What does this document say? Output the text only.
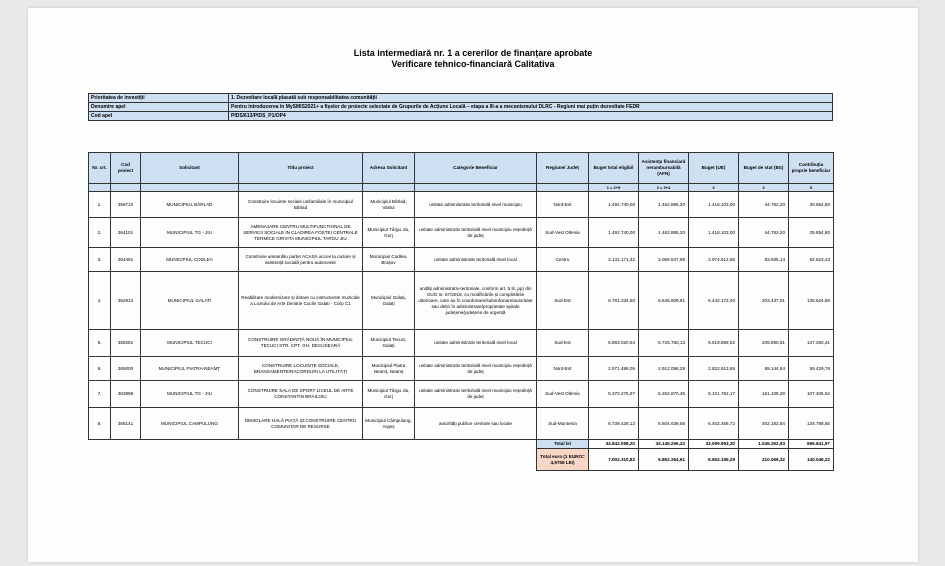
Lista intermediară nr. 1 a cererilor de finanțare aprobate
Verificare tehnico-financiară Calitativa
Prioritatea de investiții	1. Dezvoltare locală plasată sub responsabilitatea comunității
Denumire apel	Pentru introducerea în MySMIS2021+ a fișelor de proiecte selectate de Grupurile de Acțiune Locală – etapa a III-a a mecanismului DLRC - Regiuni mai puțin dezvoltate FEDR
Cod apel	PIDS/613/PIDS_P1/OP4
Nr. crt.	Cod proiect	Solicitant	Titlu proiect	Adresa Solicitant	Categorie Beneficiar	Regiune/ Județ	Buget total eligibil	Asistența financiară nerambursabilă (AFN)	Buget (UE)	Buget de stat (BS)	Contribuția proprie beneficiar
							1 = 2+5	2 = 3+4	3	4	5
1.	358710	MUNICIPIUL BÂRLAD	Construire locuinte sociale unifamiliale în municipiul Bârlad	Municipiul Bârlad, Vaslui	unitate administrativ teritorială nivel municipiu	Nord-Est	1.492.740,00	1.462.885,20	1.418.103,00	44.782,20	29.854,80
2.	364101	MUNICIPIUL TG - JIU	AMENAJARE CENTRU MULTIFUNCTIONAL DE SERVICII SOCIALE IN CLADIREA FOSTEI CENTRALE TERMICE GRIVITA MUNICIPIUL TARGU JIU	Municipiul Târgu Jiu, Gorj	unitate administrativ teritorială nivel municipiu reședință de județ	Sud-Vest Oltenia	1.492.740,00	1.462.885,20	1.418.103,00	44.782,20	29.854,80
3.	364491	MUNICIPIUL CODLEA	Construire ansamblu parter ACASĂ acces la cazare și asistență socială pentru autonomie	Municipiul Codlea, Brașov	unitate administrativ teritorială nivel local	Centru	3.131.171,42	3.068.547,99	2.974.612,85	93.935,14	62.623,43
4.	362913	MUNICIPIUL GALATI	Reabilitare modernizare și dotare cu instrumente muzicale a Liceului de Arte Dimitrie Cuclin Galati - Corp C1	Municipiul Galați, Galați	unități administrativ-teritoriale, conform art. 5 lit. pp) din OUG nr. 57/2019, cu modificările și completările ulterioare, care au în coordonare/subordonare/autoritate sau dețin în administrare/proprietate spitale județene/județene de urgență	Sud-Est	6.781.234,50	6.645.609,81	6.442.172,40	203.437,01	135.624,69
5.	359281	MUNICIPIUL TECUCI	CONSTRUIRE GRĂDINIȚĂ NOUĂ ÎN MUNICIPIUL TECUCI STR. CPT. GH. DECUSEARĂ	Municipiul Tecuci, Galați	unitate administrativ teritorială nivel local	Sud-Est	6.863.020,54	6.725.760,13	6.519.869,52	205.890,61	137.260,41
6.	365000	MUNICIPIUL PIATRA-NEAMȚ	CONSTRUIRE LOCUINTE SOCIALE, BRANSAMENTE/RACORDURI LA UTILITĂȚI	Municipiul Piatra Neamț, Neamț	unitate administrativ teritorială nivel municipiu reședință de județ	Nord-Est	2.971.488,05	2.912.058,29	2.822.913,65	89.144,64	59.429,76
7.	363998	MUNICIPIUL TG - JIU	CONSTRUIRE SALA DE SPORT LICEUL DE ARTE CONSTANTIN BRAILOIU	Municipiul Târgu Jiu, Gorj	unitate administrativ teritorială nivel municipiu reședință de județ	Sud-Vest Oltenia	5.370.275,97	5.262.870,45	5.101.762,17	161.108,28	107.405,52
8.	365141	MUNICIPIUL CAMPULUNG	DEMOLARE HALĂ PIAȚĂ ȘI CONSTRUIRE CENTRU COMUNITAR DE RESURSE	Municipiul Câmpulung, Argeș	autorități publice centrale sau locale	Sud-Muntenia	6.739.428,12	6.604.639,56	6.402.456,72	202.182,84	134.788,56
						Total lei	34.842.098,20	34.145.256,23	33.099.993,30	1.045.262,93	696.841,97
						Total euro (1 EURO= 4,9758 LEI)	7.002.310,82	6.862.264,61	6.652.195,29	210.069,32	140.046,22
